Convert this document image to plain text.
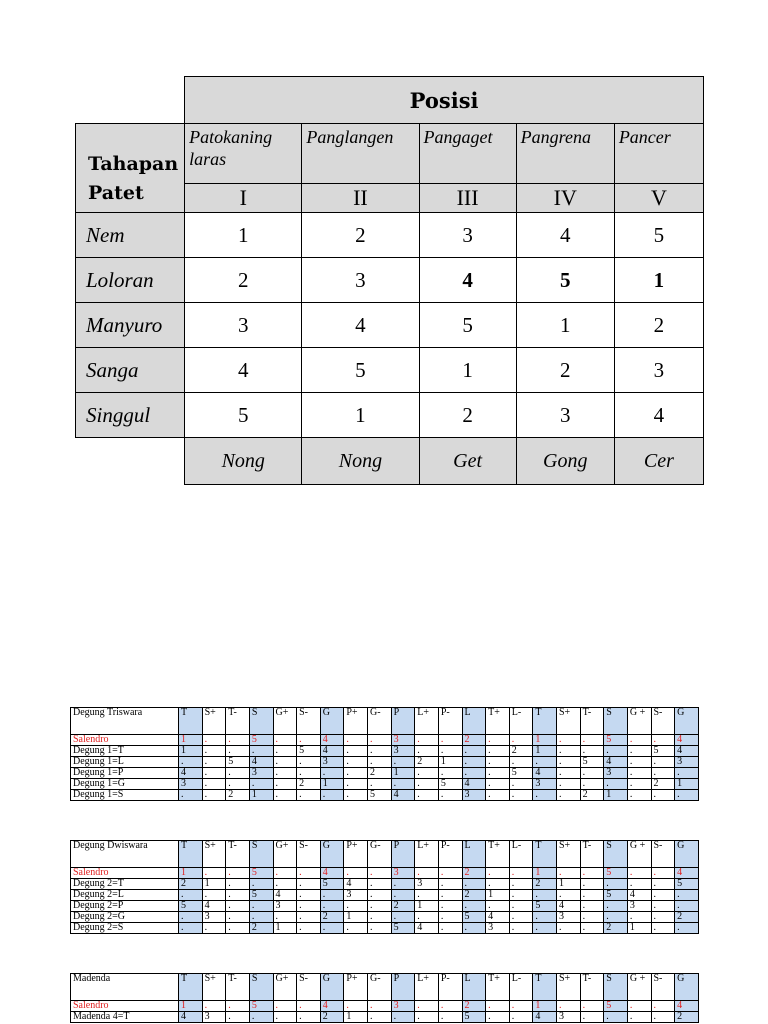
	Posisi				
Tahapan Patet	Patokaning laras	Panglangen	Pangaget	Pangrena	Pancer
	I	II	III	IV	V
Nem	1	2	3	4	5
Loloran	2	3	4	5	1
Manyuro	3	4	5	1	2
Sanga	4	5	1	2	3
Singgul	5	1	2	3	4
	Nong	Nong	Get	Gong	Cer
Degung Triswara	T	S+	T-	S	G+	S-	G	P+	G-	P	L+	P-	L	T+	L-	T	S+	T-	S	G +	S-	G
Salendro	1	.	.	5	.	.	4	.	.	3	.	.	2	.	.	1	.	.	5	.	.	4
Degung 1=T	1	.	.	.	.	5	4	.	.	3	.	.	.	.	2	1	.	.	.	.	5	4
Degung 1=L	.	.	5	4	.	.	3	.	.	.	2	1	.	.	.	.	.	5	4	.	.	3
Degung 1=P	4	.	.	3	.	.	.	.	2	1	.	.	.	.	5	4	.	.	3	.	.	.
Degung 1=G	3	.	.	.	.	2	1	.	.	.	.	5	4	.	.	3	.	.	.	.	2	1
Degung 1=S	.	.	2	1	.	.	.	.	5	4	.	.	3	.	.	.	.	2	1	.	.	.
Degung Dwiswara	T	S+	T-	S	G+	S-	G	P+	G-	P	L+	P-	L	T+	L-	T	S+	T-	S	G +	S-	G
Salendro	1	.	.	5	.	.	4	.	.	3	.	.	2	.	.	1	.	.	5	.	.	4
Degung 2=T	2	1	.	.	.	.	5	4	.	.	3	.	.	.	.	2	1	.	.	.	.	5
Degung 2=L	.	.	.	5	4	.	.	3	.	.	.	.	2	1	.	.	.	.	5	4	.	.
Degung 2=P	5	4	.	.	3	.	.	.	.	2	1	.	.	.	.	5	4	.	.	3	.	.
Degung 2=G	.	3	.	.	.	.	2	1	.	.	.	.	5	4	.	.	3	.	.	.	.	2
Degung 2=S	.	.	.	2	1	.	.	.	.	5	4	.	.	3	.	.	.	.	2	1	.	.
Madenda	T	S+	T-	S	G+	S-	G	P+	G-	P	L+	P-	L	T+	L-	T	S+	T-	S	G +	S-	G
Salendro	1	.	.	5	.	.	4	.	.	3	.	.	2	.	.	1	.	.	5	.	.	4
Madenda 4=T	4	3	.	.	.	.	2	1	.	.	.	.	5	.	.	4	3	.	.	.	.	2
